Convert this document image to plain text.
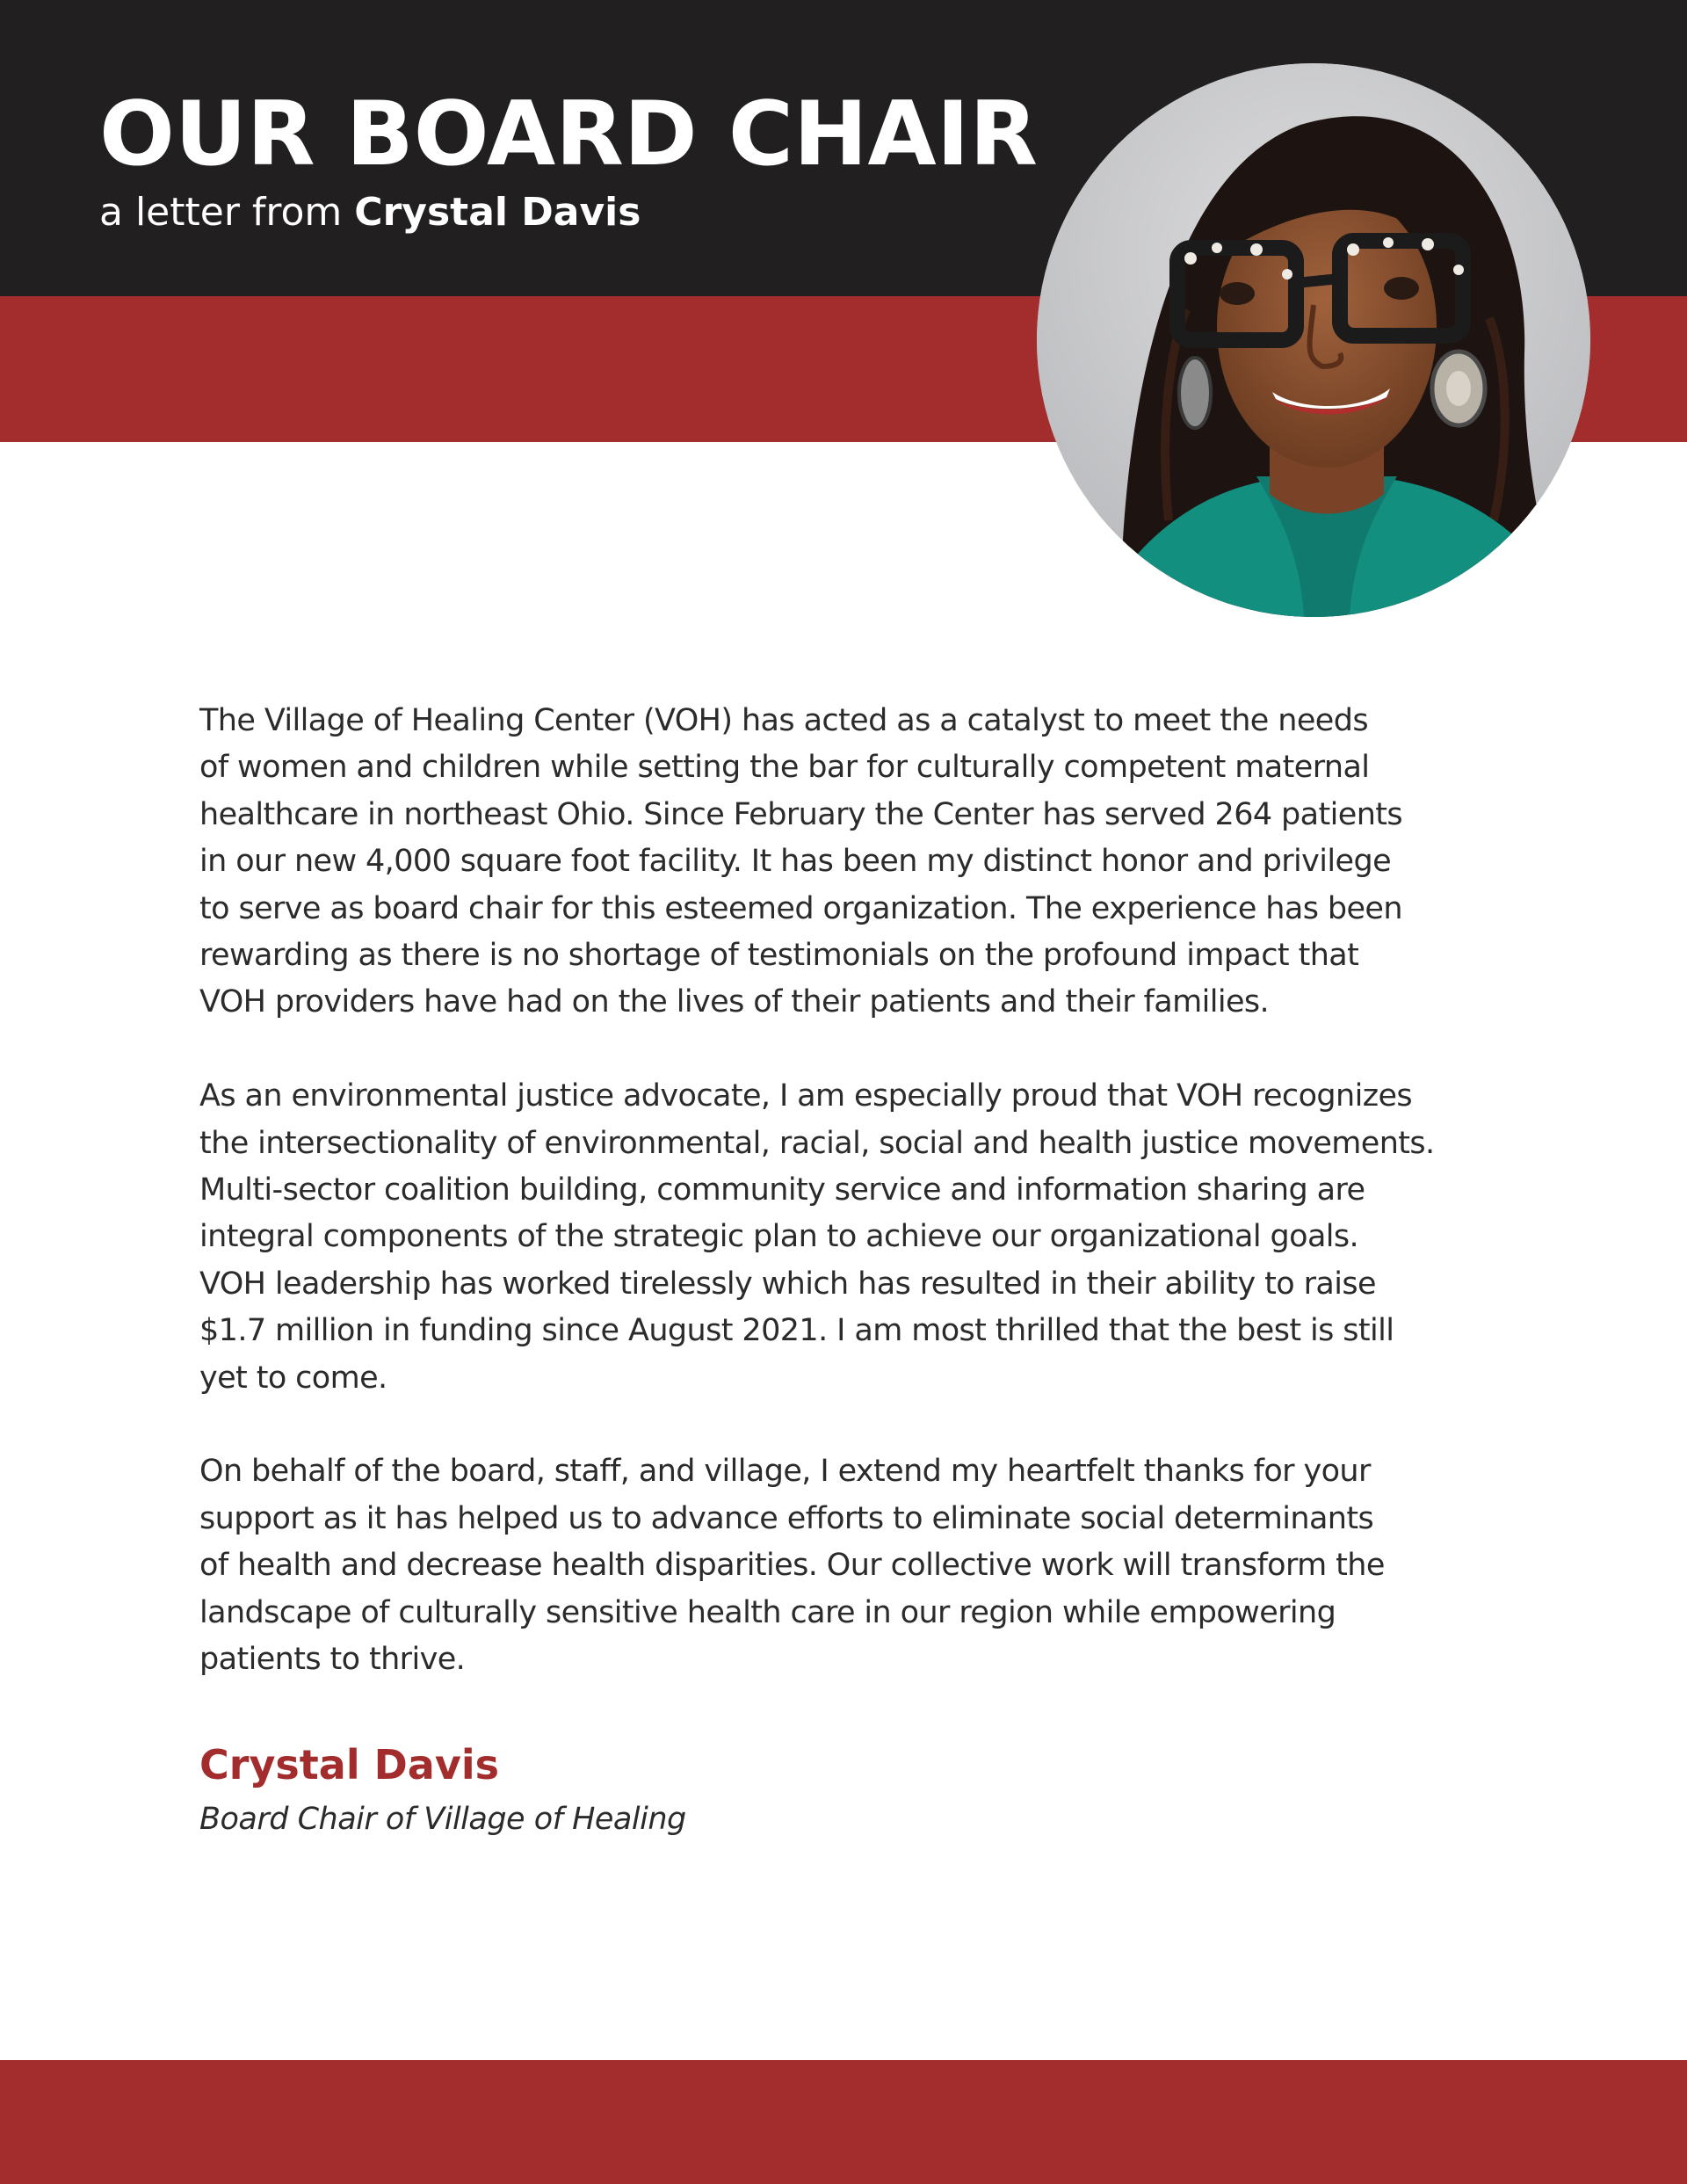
OUR BOARD CHAIR
a letter from Crystal Davis

The Village of Healing Center (VOH) has acted as a catalyst to meet the needs
of women and children while setting the bar for culturally competent maternal
healthcare in northeast Ohio. Since February the Center has served 264 patients
in our new 4,000 square foot facility. It has been my distinct honor and privilege
to serve as board chair for this esteemed organization. The experience has been
rewarding as there is no shortage of testimonials on the profound impact that
VOH providers have had on the lives of their patients and their families.

As an environmental justice advocate, I am especially proud that VOH recognizes
the intersectionality of environmental, racial, social and health justice movements.
Multi-sector coalition building, community service and information sharing are
integral components of the strategic plan to achieve our organizational goals.
VOH leadership has worked tirelessly which has resulted in their ability to raise
$1.7 million in funding since August 2021. I am most thrilled that the best is still
yet to come.

On behalf of the board, staff, and village, I extend my heartfelt thanks for your
support as it has helped us to advance efforts to eliminate social determinants
of health and decrease health disparities. Our collective work will transform the
landscape of culturally sensitive health care in our region while empowering
patients to thrive.

Crystal Davis
Board Chair of Village of Healing
